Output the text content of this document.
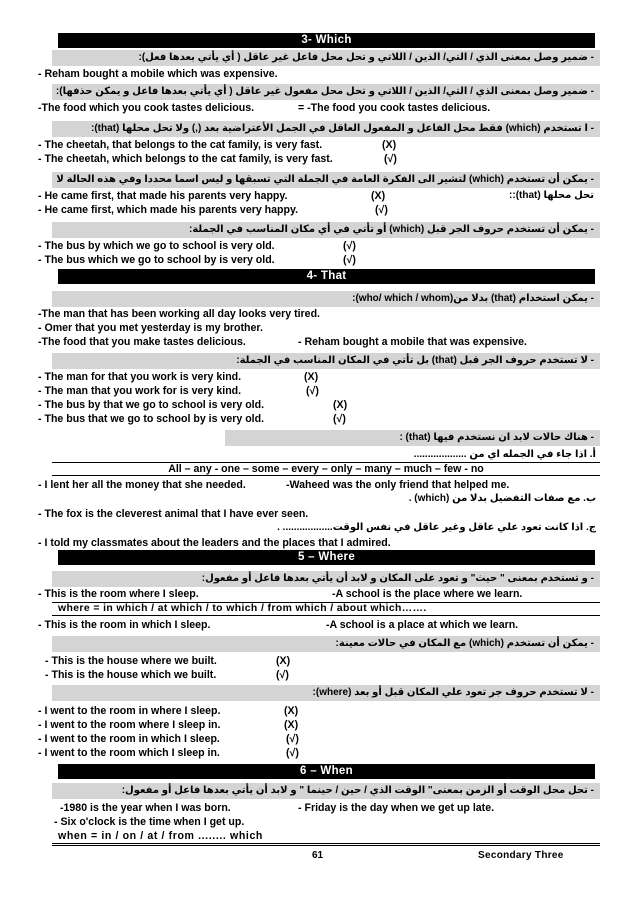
3- Which
- ضمير وصل بمعنى الذي / التي/ الذين / اللاتي و تحل محل فاعل غير عاقل ( أي يأتي بعدها فعل):
- Reham bought a mobile which was expensive.
- ضمير وصل بمعنى الذي / التي/ الذين / اللاتي و تحل محل مفعول غير عاقل ( أي يأتي بعدها فاعل و يمكن حذفها):
-The food which you cook tastes delicious.	= -The food you cook tastes delicious.
- ا تستخدم (which) فقط محل الفاعل و المفعول العاقل في الجمل الأعتراضية بعد (,) ولا تحل محلها (that):
- The cheetah, that belongs to the cat family, is very fast.	(X)
- The cheetah, which belongs to the cat family, is very fast.	(√)
- يمكن أن تستخدم (which) لتشير الى الفكرة العامة في الجملة التي تسبقها و ليس اسما محددا وفي هذه الحالة لا تحل محلها (that)::
- He came first, that made his parents very happy.	(X)
- He came first, which made his parents very happy.	(√)
- يمكن أن تستخدم حروف الجر قبل (which) أو تأتي في أي مكان المناسب في الجملة:
- The bus by which we go to school is very old.	(√)
- The bus which we go to school by is very old.	(√)
4- That
- يمكن استخدام (that) بدلا من(who/ which / whom):
-The man that has been working all day looks very tired.
- Omer that you met yesterday is my brother.
-The food that you make tastes delicious.	- Reham bought a mobile that was expensive.
- لا تستخدم حروف الجر قبل (that) بل تأتي في المكان المناسب في الجملة:
- The man for that you work is very kind.	(X)
- The man that you work for is very kind.	(√)
- The bus by that we go to school is very old.	(X)
- The bus that we go to school by is very old.	(√)
- هناك حالات لابد ان نستخدم فيها (that) :
أ. اذا جاء في الجمله اي من ...................
All – any - one – some – every – only – many – much – few - no
- I lent her all the money that she needed.	-Waheed was the only friend that helped me.
ب. مع صفات التفضيل بدلا من (which) .
- The fox is the cleverest animal that I have ever seen.
ج. اذا كانت تعود علي عاقل وغير عاقل في نفس الوقت.................. .
- I told my classmates about the leaders and the places that I admired.
5 – Where
- و تستخدم بمعنى " حيث" و تعود على المكان و لابد أن يأتي بعدها فاعل أو مفعول:
- This is the room where I sleep.	-A school is the place where we learn.
where = in which / at which / to which / from which / about which…….
- This is the room in which I sleep.	-A school is a place at which we learn.
- يمكن أن تستخدم (which) مع المكان في حالات معينة:
- This is the house where we built.	(X)
- This is the house which we built.	(√)
- لا تستخدم حروف جر تعود علي المكان قبل أو بعد (where):
- I went to the room in where I sleep.	(X)
- I went to the room where I sleep in.	(X)
- I went to the room in which I sleep.	(√)
- I went to the room which I sleep in.	(√)
6 – When
- تحل محل الوقت أو الزمن بمعنى" الوقت الذي / حين / حينما " و لابد أن يأتي بعدها فاعل أو مفعول:
-1980 is the year when I was born.	- Friday is the day when we get up late.
- Six o'clock is the time when I get up.
when = in / on / at / from ........ which
61	Secondary Three
